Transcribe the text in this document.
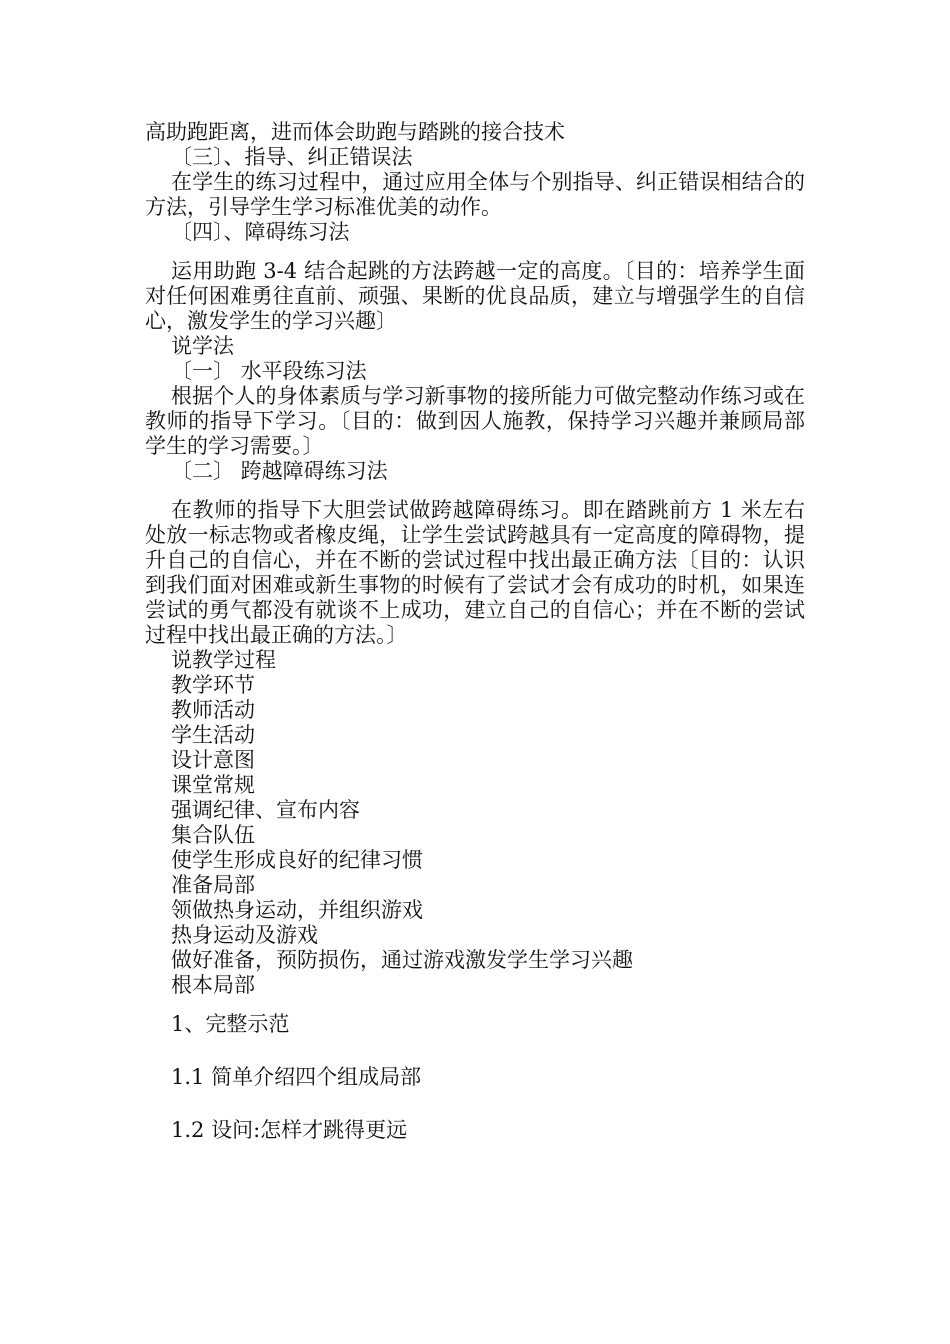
高助跑距离，进而体会助跑与踏跳的接合技术

〔三〕、指导、纠正错误法

在学生的练习过程中，通过应用全体与个别指导、纠正错误相结合的方法，引导学生学习标准优美的动作。

〔四〕、障碍练习法

运用助跑 3-4 结合起跳的方法跨越一定的高度。〔目的：培养学生面对任何困难勇往直前、顽强、果断的优良品质，建立与增强学生的自信心，激发学生的学习兴趣〕

说学法

〔一〕 水平段练习法

根据个人的身体素质与学习新事物的接所能力可做完整动作练习或在教师的指导下学习。〔目的：做到因人施教，保持学习兴趣并兼顾局部学生的学习需要。〕

〔二〕 跨越障碍练习法

在教师的指导下大胆尝试做跨越障碍练习。即在踏跳前方 1 米左右处放一标志物或者橡皮绳，让学生尝试跨越具有一定高度的障碍物，提升自己的自信心，并在不断的尝试过程中找出最正确方法〔目的：认识到我们面对困难或新生事物的时候有了尝试才会有成功的时机，如果连尝试的勇气都没有就谈不上成功，建立自己的自信心；并在不断的尝试过程中找出最正确的方法。〕

说教学过程

教学环节

教师活动

学生活动

设计意图

课堂常规

强调纪律、宣布内容

集合队伍

使学生形成良好的纪律习惯

准备局部

领做热身运动，并组织游戏

热身运动及游戏

做好准备，预防损伤，通过游戏激发学生学习兴趣

根本局部

1、完整示范

1.1 简单介绍四个组成局部

1.2 设问:怎样才跳得更远
